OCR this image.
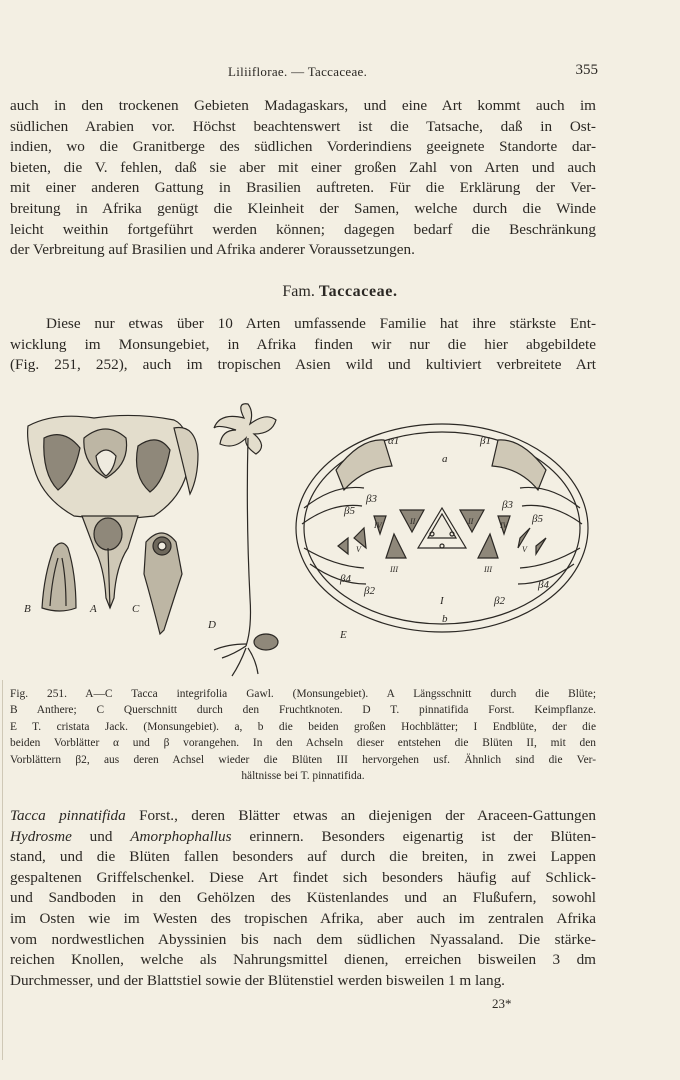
Liliiflorae. — Taccaceae.	355

auch in den trockenen Gebieten Madagaskars, und eine Art kommt auch im
südlichen Arabien vor. Höchst beachtenswert ist die Tatsache, daß in Ost-
indien, wo die Granitberge des südlichen Vorderindiens geeignete Standorte dar-
bieten, die V. fehlen, daß sie aber mit einer großen Zahl von Arten und auch
mit einer anderen Gattung in Brasilien auftreten. Für die Erklärung der Ver-
breitung in Afrika genügt die Kleinheit der Samen, welche durch die Winde
leicht weithin fortgeführt werden können; dagegen bedarf die Beschränkung
der Verbreitung auf Brasilien und Afrika anderer Voraussetzungen.

Fam. Taccaceae.

Diese nur etwas über 10 Arten umfassende Familie hat ihre stärkste Ent-
wicklung im Monsungebiet, in Afrika finden wir nur die hier abgebildete
(Fig. 251, 252), auch im tropischen Asien wild und kultiviert verbreitete Art

B	A	C
D
E
a
b
I
α1	β1
β3
β5
β4
β2
β3
β5
β4
β2
II	II
III	III
IV	IV
V	V

Fig. 251. A—C Tacca integrifolia Gawl. (Monsungebiet). A Längsschnitt durch die Blüte;
B Anthere; C Querschnitt durch den Fruchtknoten. D T. pinnatifida Forst. Keimpflanze.
E T. cristata Jack. (Monsungebiet). a, b die beiden großen Hochblätter; I Endblüte, der die
beiden Vorblätter α und β vorangehen. In den Achseln dieser entstehen die Blüten II, mit den
Vorblättern β2, aus deren Achsel wieder die Blüten III hervorgehen usf. Ähnlich sind die Ver-
hältnisse bei T. pinnatifida.

Tacca pinnatifida Forst., deren Blätter etwas an diejenigen der Araceen-Gattungen
Hydrosme und Amorphophallus erinnern. Besonders eigenartig ist der Blüten-
stand, und die Blüten fallen besonders auf durch die breiten, in zwei Lappen
gespaltenen Griffelschenkel. Diese Art findet sich besonders häufig auf Schlick-
und Sandboden in den Gehölzen des Küstenlandes und an Flußufern, sowohl
im Osten wie im Westen des tropischen Afrika, aber auch im zentralen Afrika
vom nordwestlichen Abyssinien bis nach dem südlichen Nyassaland. Die stärke-
reichen Knollen, welche als Nahrungsmittel dienen, erreichen bisweilen 3 dm
Durchmesser, und der Blattstiel sowie der Blütenstiel werden bisweilen 1 m lang.

23*
